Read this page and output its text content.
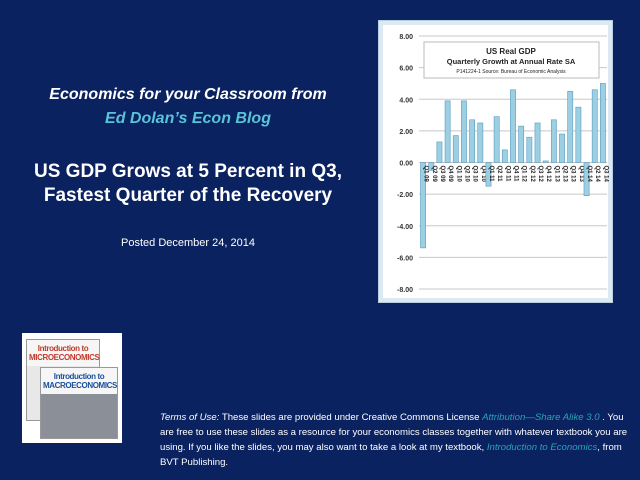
Economics for your Classroom from
Ed Dolan’s Econ Blog
US GDP Grows at 5 Percent in Q3, Fastest Quarter of the Recovery
Posted December 24, 2014
8.00
6.00
4.00
2.00
0.00
-2.00
-4.00
-6.00
-8.00
Q1 09 Q2 09 Q3 09 Q4 09 Q1 10 Q2 10 Q3 10 Q4 10 Q1 11 Q2 11 Q3 11 Q4 11 Q1 12 Q2 12 Q3 12 Q4 12 Q1 13 Q2 13 Q3 13 Q4 13 Q1 14 Q2 14 Q3 14
US Real GDP
Quarterly Growth at Annual Rate SA
P141224-1 Source: Bureau of Economic Analysis
Introduction to MICROECONOMICS
Introduction to MACROECONOMICS
Terms of Use: These slides are provided under Creative Commons License Attribution—Share Alike 3.0 . You are free to use these slides as a resource for your economics classes together with whatever textbook you are using. If you like the slides, you may also want to take a look at my textbook, Introduction to Economics, from BVT Publishing.
